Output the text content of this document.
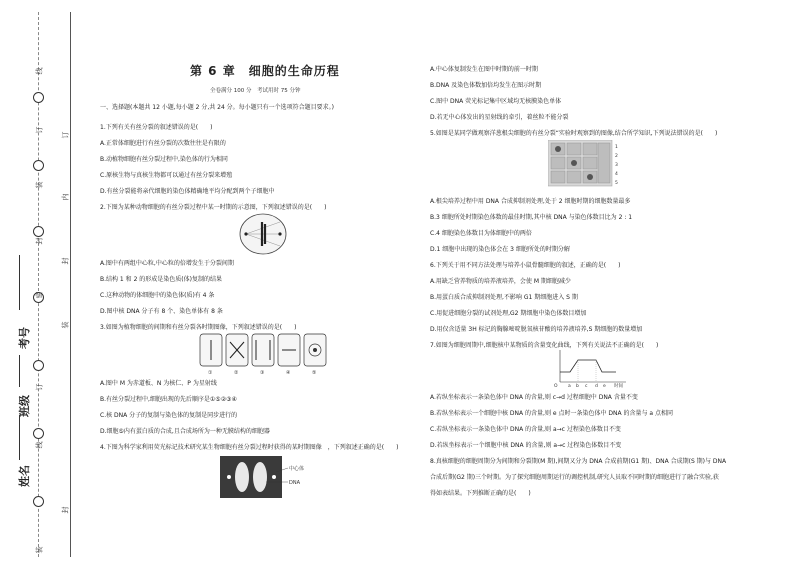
线
订
装
封
密
订
线
装
订
内
封
装
封
考号
班级
姓名
第 6 章　细胞的生命历程
全卷满分 100 分　考试用时 75 分钟
一、选择题(本题共 12 小题,每小题 2 分,共 24 分。每小题只有一个选项符合题目要求。)
1.下列有关有丝分裂的叙述错误的是(　　)
A.正常体细胞进行有丝分裂的次数往往是有限的
B.动植物细胞有丝分裂过程中,染色体的行为相同
C.原核生物与真核生物都可以通过有丝分裂来增殖
D.有丝分裂能将亲代细胞的染色体精确地平均分配到两个子细胞中
2.下图为某种动物细胞的有丝分裂过程中某一时期的示意图，下列叙述错误的是(　　)
A.图中有两组中心粒,中心粒的倍增发生于分裂间期
B.结构 1 和 2 的形成是染色质(体)复制的结果
C.这种动物的体细胞中的染色体(质)有 4 条
D.图中核 DNA 分子有 8 个、染色单体有 8 条
3.如图为植物细胞的间期和有丝分裂各时期图像，下列叙述错误的是(　　)
①	②	③	④	⑤
A.图中 M 为赤道板、N 为核仁、P 为星射线
B.有丝分裂过程中,细胞出现的先后顺序是①⑤②③④
C.核 DNA 分子的复制与染色体的复制是同步进行的
D.细胞⑤内有蛋白质的合成,且合成场所为一种无膜结构的细胞器
4.下图为科学家利用荧光标记技术研究某生物细胞有丝分裂过程时获得的某时期图像　，下列叙述正确的是(　　)
中心体
DNA
A.中心体复制发生在图中时期的前一时期
B.DNA 及染色体数加倍均发生在图示时期
C.图中 DNA 荧光标记集中区域均无核膜染色单体
D.若无中心体发出的星射线的牵引，着丝粒不能分裂
5.如图是某同学做观察洋葱根尖细胞的有丝分裂“实验时观察到的图像,结合所学知识,下列说法错误的是(　　)
1
2
3
4
5
A.根尖培养过程中用 DNA 合成抑制剂处理,处于 2 细胞时期的细胞数量最多
B.3 细胞所处时期染色体数的最佳时期,其中核 DNA 与染色体数目比为 2 : 1
C.4 细胞染色体数目为体细胞中的两倍
D.1 细胞中出现的染色体会在 3 细胞所处的时期分解
6.下列关于用不同方法处理与培养小鼠骨髓细胞的叙述，正确的是(　　)
A.用缺乏营养物质的培养液培养，会使 M 期细胞减少
B.用蛋白质合成抑制剂处理,不影响 G1 期细胞进入 S 期
C.用促进细胞分裂的试剂处理,G2 期细胞中染色体数目增加
D.用仅含适量 3H 标记的胸腺嘧啶脱氧核苷酸的培养液培养,S 期细胞的数量增加
7.如图为细胞周期中,细胞核中某物质的含量变化曲线，下列有关说法不正确的是(　　)
O a b c d e 时间
A.若纵坐标表示一条染色体中 DNA 的含量,则 c→d 过程细胞中 DNA 含量不变
B.若纵坐标表示一个细胞中核 DNA 的含量,则 e 点时一条染色体中 DNA 的含量与 a 点相同
C.若纵坐标表示一条染色体中 DNA 的含量,则 a→c 过程染色体数目不变
D.若纵坐标表示一个细胞中核 DNA 的含量,则 a→c 过程染色体数目不变
8.真核细胞的细胞周期分为间期和分裂期(M 期),间期又分为 DNA 合成前期(G1 期)、DNA 合成期(S 期)与 DNA
合成后期(G2 期)三个时期。为了探究细胞周期运行的调控机制,研究人员取不同时期的细胞进行了融合实验,获
得如表结果。下列推断正确的是(　　)
